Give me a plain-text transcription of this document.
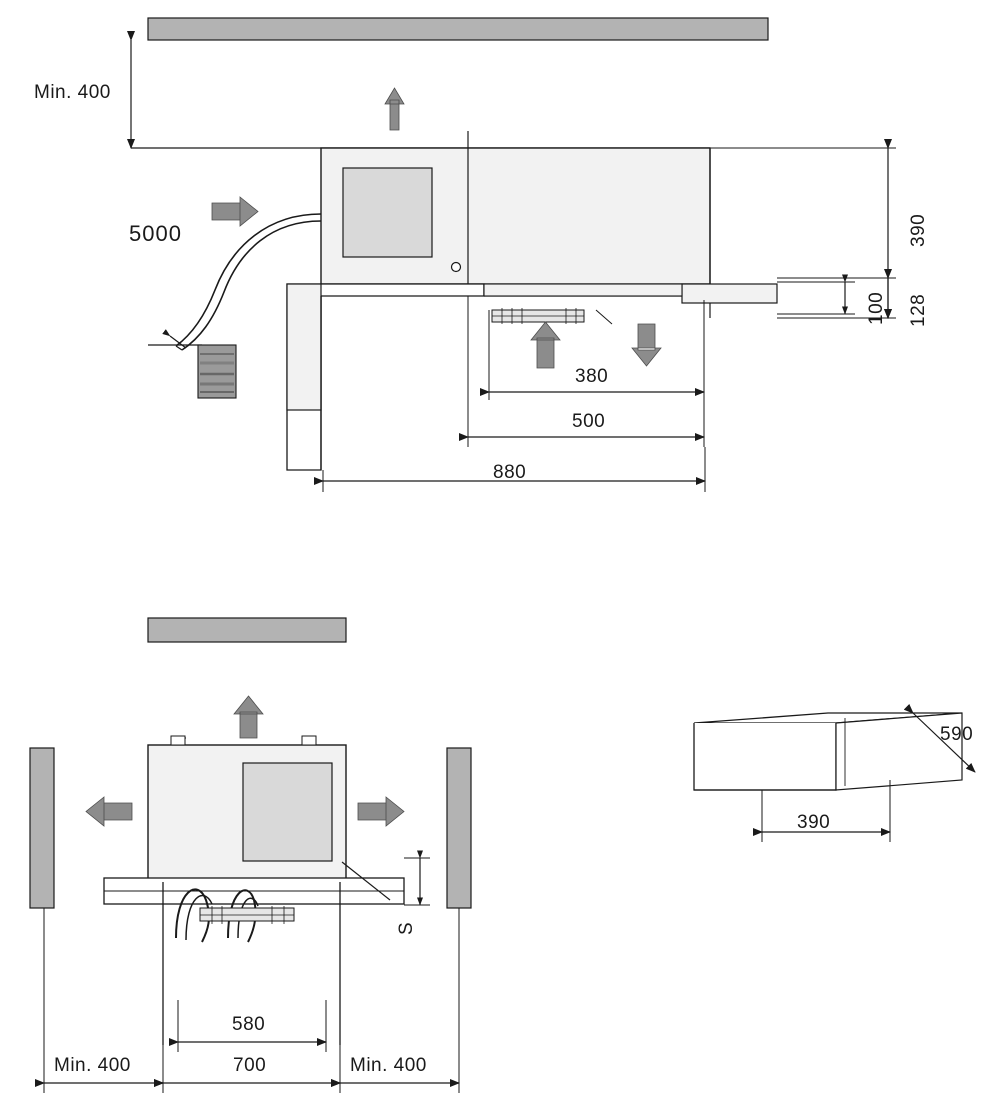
Min. 400
5000	390
128
100
380
500
880
S
580
700
Min. 400	Min. 400
590
390
